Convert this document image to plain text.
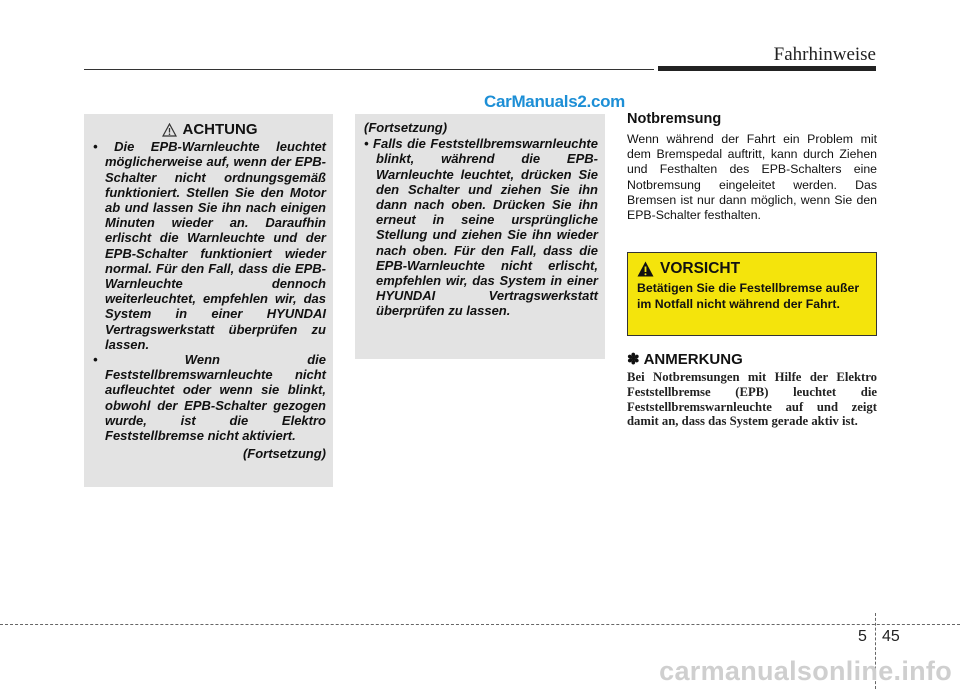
Fahrhinweise
CarManuals2.com
ACHTUNG

• Die EPB-Warnleuchte leuchtet möglicherweise auf, wenn der EPB-Schalter nicht ordnungsgemäß funktioniert. Stellen Sie den Motor ab und lassen Sie ihn nach einigen Minuten wieder an. Daraufhin erlischt die Warnleuchte und der EPB-Schalter funktioniert wieder normal. Für den Fall, dass die EPB-Warnleuchte dennoch weiterleuchtet, empfehlen wir, das System in einer HYUNDAI Vertragswerkstatt überprüfen zu lassen.

• Wenn die Feststellbremswarnleuchte nicht aufleuchtet oder wenn sie blinkt, obwohl der EPB-Schalter gezogen wurde, ist die Elektro Feststellbremse nicht aktiviert.

(Fortsetzung)
(Fortsetzung)

• Falls die Feststellbremswarnleuchte blinkt, während die EPB-Warnleuchte leuchtet, drücken Sie den Schalter und ziehen Sie ihn dann nach oben. Drücken Sie ihn erneut in seine ursprüngliche Stellung und ziehen Sie ihn wieder nach oben. Für den Fall, dass die EPB-Warnleuchte nicht erlischt, empfehlen wir, das System in einer HYUNDAI Vertragswerkstatt überprüfen zu lassen.

Notbremsung
Wenn während der Fahrt ein Problem mit dem Bremspedal auftritt, kann durch Ziehen und Festhalten des EPB-Schalters eine Notbremsung eingeleitet werden. Das Bremsen ist nur dann möglich, wenn Sie den EPB-Schalter festhalten.
VORSICHT
Betätigen Sie die Festellbremse außer im Notfall nicht während der Fahrt.
✽ ANMERKUNG
Bei Notbremsungen mit Hilfe der Elektro Feststellbremse (EPB) leuchtet die Feststellbremswarnleuchte auf und zeigt damit an, dass das System gerade aktiv ist.
5 45
carmanualsonline.info
